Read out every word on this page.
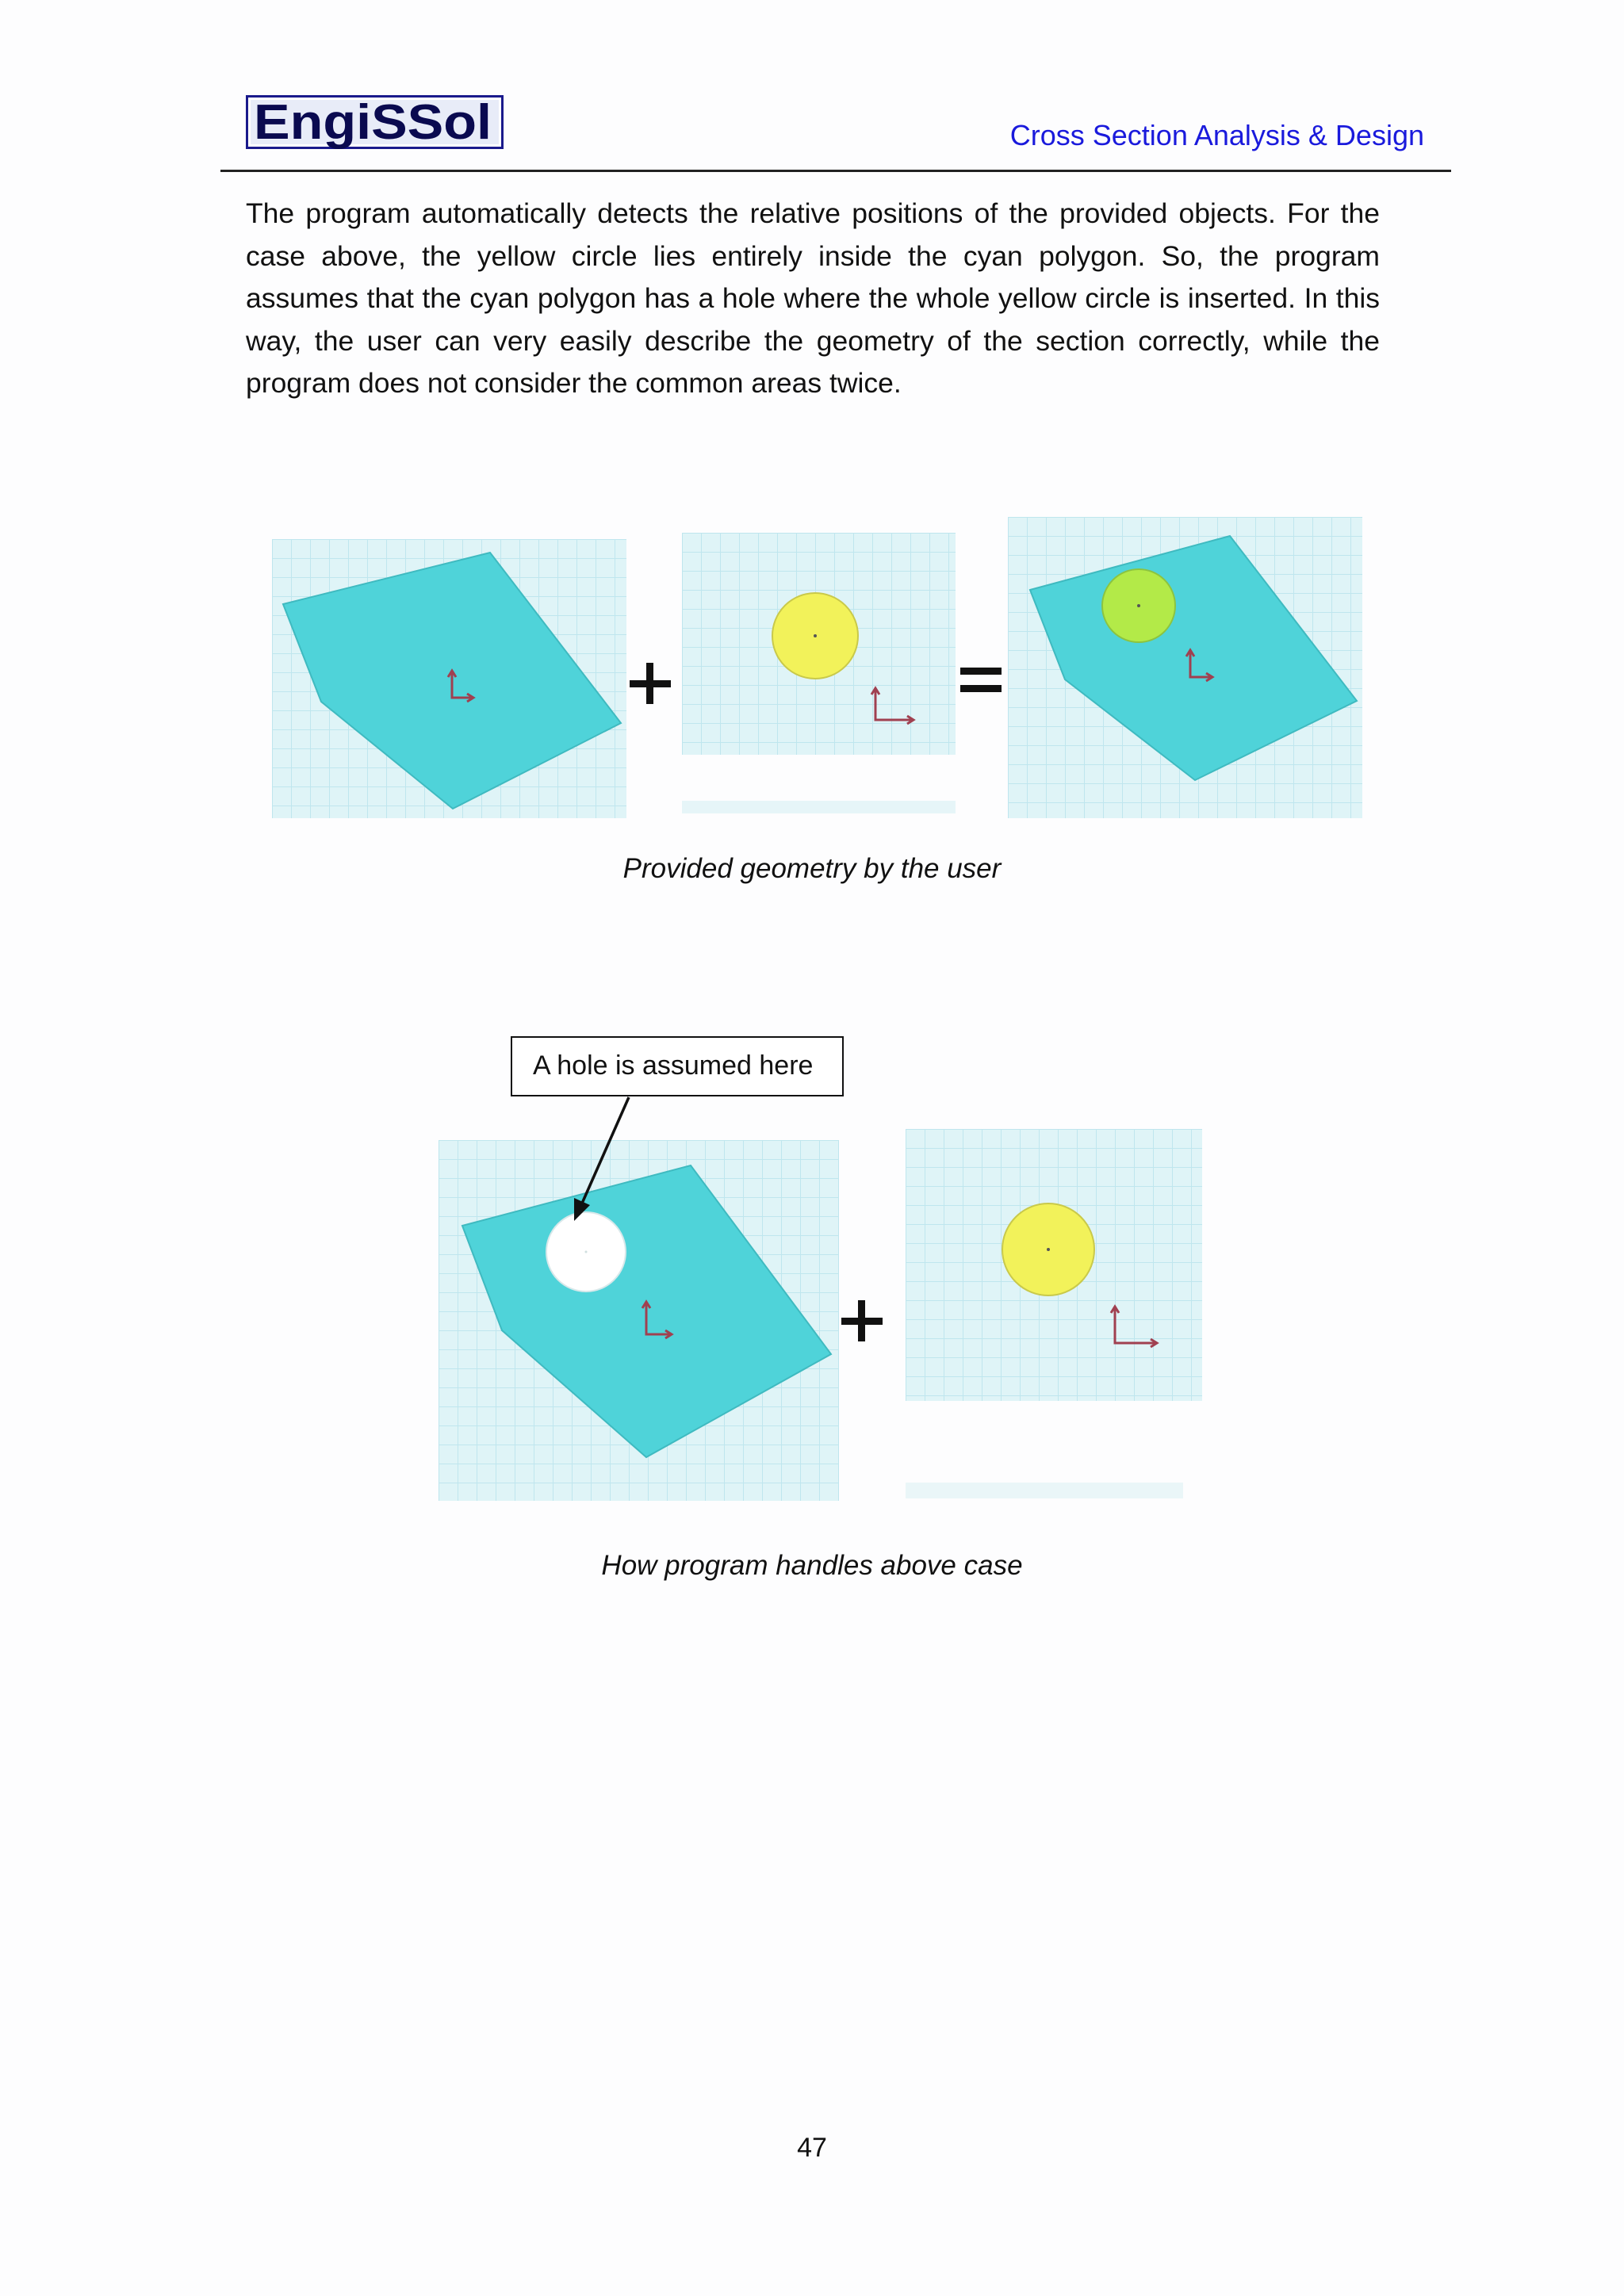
EngiSSol	Cross Section Analysis & Design

The program automatically detects the relative positions of the provided objects. For the case above, the yellow circle lies entirely inside the cyan polygon. So, the program assumes that the cyan polygon has a hole where the whole yellow circle is inserted. In this way, the user can very easily describe the geometry of the section correctly, while the program does not consider the common areas twice.

Provided geometry by the user
A hole is assumed here
How program handles above case
47
